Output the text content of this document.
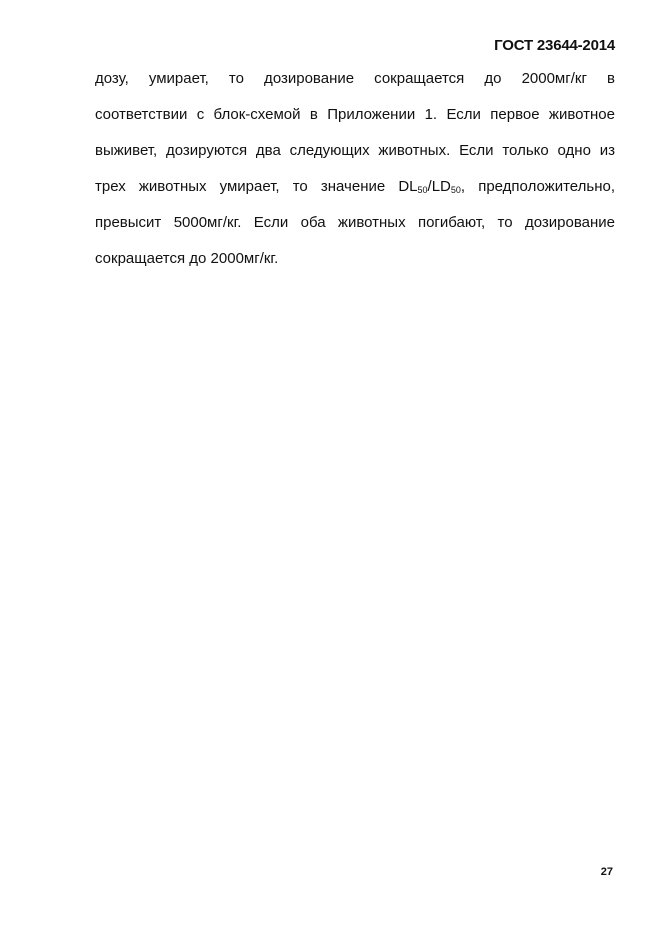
ГОСТ 23644-2014
дозу, умирает, то дозирование сокращается до 2000мг/кг в
соответствии с блок-схемой в Приложении 1. Если первое животное
выживет, дозируются два следующих животных. Если только одно из
трех животных умирает, то значение $DL_{50}/LD_{50}$, предположительно,
превысит 5000мг/кг. Если оба животных погибают, то дозирование
сокращается до 2000мг/кг.
27
